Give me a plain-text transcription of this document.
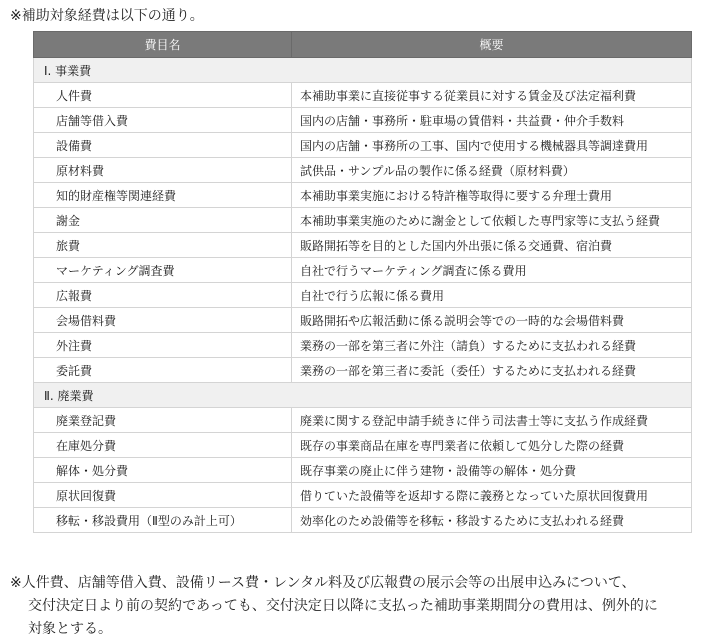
※補助対象経費は以下の通り。
費目名	概要
Ⅰ. 事業費	
人件費	本補助事業に直接従事する従業員に対する賃金及び法定福利費
店舗等借入費	国内の店舗・事務所・駐車場の賃借料・共益費・仲介手数料
設備費	国内の店舗・事務所の工事、国内で使用する機械器具等調達費用
原材料費	試供品・サンプル品の製作に係る経費（原材料費）
知的財産権等関連経費	本補助事業実施における特許権等取得に要する弁理士費用
謝金	本補助事業実施のために謝金として依頼した専門家等に支払う経費
旅費	販路開拓等を目的とした国内外出張に係る交通費、宿泊費
マーケティング調査費	自社で行うマーケティング調査に係る費用
広報費	自社で行う広報に係る費用
会場借料費	販路開拓や広報活動に係る説明会等での一時的な会場借料費
外注費	業務の一部を第三者に外注（請負）するために支払われる経費
委託費	業務の一部を第三者に委託（委任）するために支払われる経費
Ⅱ. 廃業費	
廃業登記費	廃業に関する登記申請手続きに伴う司法書士等に支払う作成経費
在庫処分費	既存の事業商品在庫を専門業者に依頼して処分した際の経費
解体・処分費	既存事業の廃止に伴う建物・設備等の解体・処分費
原状回復費	借りていた設備等を返却する際に義務となっていた原状回復費用
移転・移設費用（Ⅱ型のみ計上可）	効率化のため設備等を移転・移設するために支払われる経費
※人件費、店舗等借入費、設備リース費・レンタル料及び広報費の展示会等の出展申込みについて、
交付決定日より前の契約であっても、交付決定日以降に支払った補助事業期間分の費用は、例外的に
対象とする。
